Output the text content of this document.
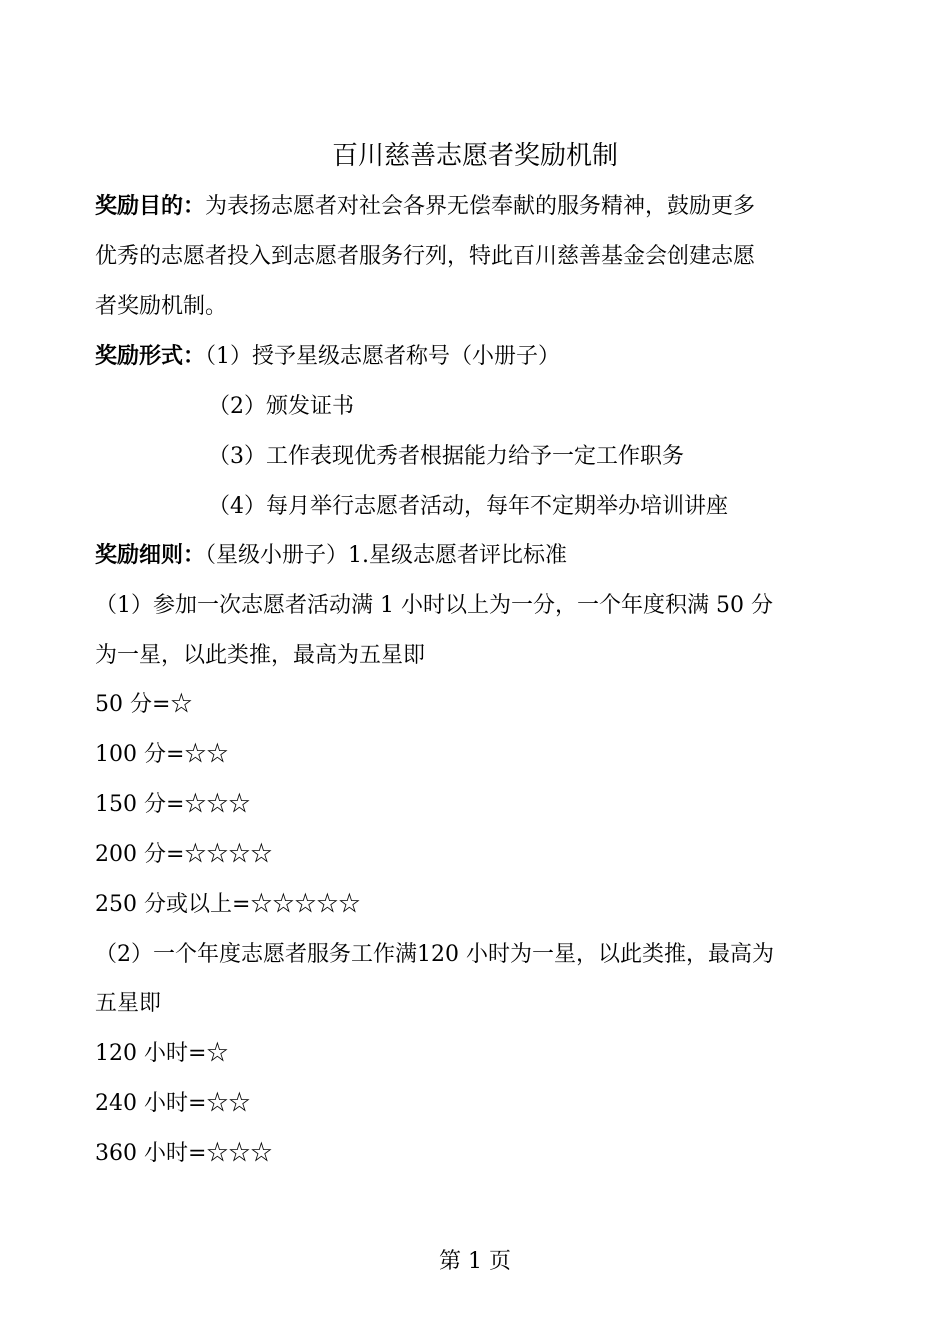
百川慈善志愿者奖励机制
奖励目的：为表扬志愿者对社会各界无偿奉献的服务精神，鼓励更多
优秀的志愿者投入到志愿者服务行列，特此百川慈善基金会创建志愿
者奖励机制。
奖励形式：（1）授予星级志愿者称号（小册子）
（2）颁发证书
（3）工作表现优秀者根据能力给予一定工作职务
（4）每月举行志愿者活动，每年不定期举办培训讲座
奖励细则：（星级小册子）1.星级志愿者评比标准
（1）参加一次志愿者活动满 1 小时以上为一分，一个年度积满 50 分
为一星，以此类推，最高为五星即
50 分=☆
100 分=☆☆
150 分=☆☆☆
200 分=☆☆☆☆
250 分或以上=☆☆☆☆☆
（2）一个年度志愿者服务工作满120 小时为一星，以此类推，最高为
五星即
120 小时=☆
240 小时=☆☆
360 小时=☆☆☆
第 1 页
